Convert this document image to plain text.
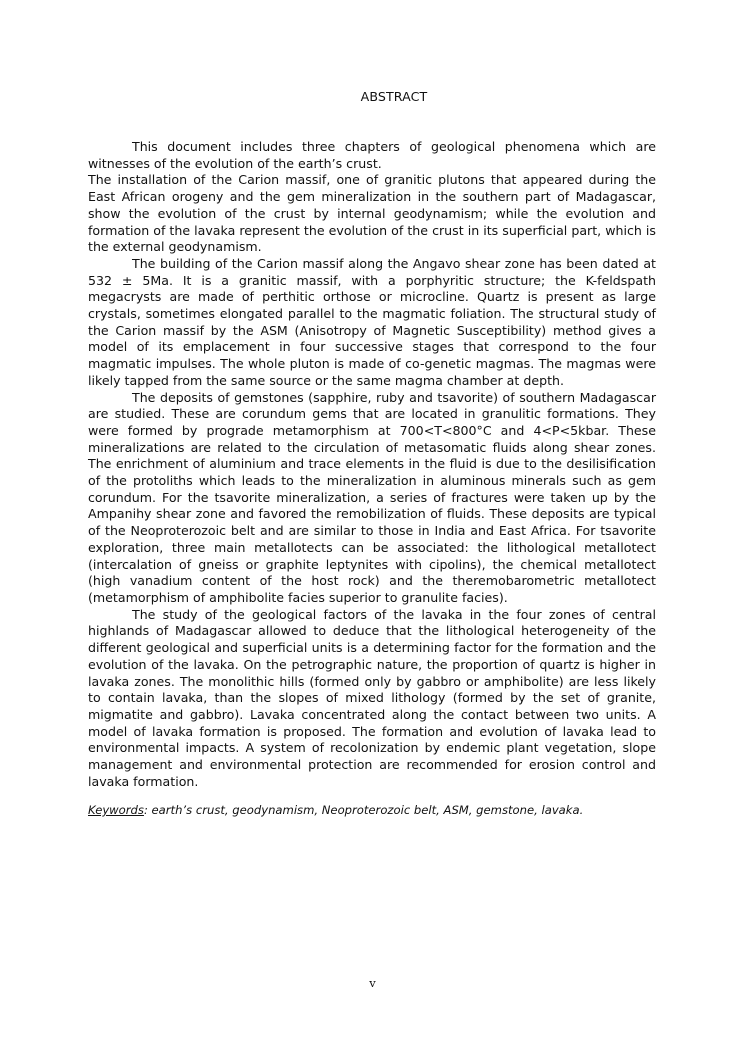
ABSTRACT

This document includes three chapters of geological phenomena which are witnesses of the evolution of the earth’s crust.

The installation of the Carion massif, one of granitic plutons that appeared during the East African orogeny and the gem mineralization in the southern part of Madagascar, show the evolution of the crust by internal geodynamism; while the evolution and formation of the lavaka represent the evolution of the crust in its superficial part, which is the external geodynamism.

The building of the Carion massif along the Angavo shear zone has been dated at 532 ± 5Ma. It is a granitic massif, with a porphyritic structure; the K-feldspath megacrysts are made of perthitic orthose or microcline. Quartz is present as large crystals, sometimes elongated parallel to the magmatic foliation. The structural study of the Carion massif by the ASM (Anisotropy of Magnetic Susceptibility) method gives a model of its emplacement in four successive stages that correspond to the four magmatic impulses. The whole pluton is made of co-genetic magmas. The magmas were likely tapped from the same source or the same magma chamber at depth.

The deposits of gemstones (sapphire, ruby and tsavorite) of southern Madagascar are studied. These are corundum gems that are located in granulitic formations. They were formed by prograde metamorphism at 700<T<800°C and 4<P<5kbar. These mineralizations are related to the circulation of metasomatic fluids along shear zones. The enrichment of aluminium and trace elements in the fluid is due to the desilisification of the protoliths which leads to the mineralization in aluminous minerals such as gem corundum. For the tsavorite mineralization, a series of fractures were taken up by the Ampanihy shear zone and favored the remobilization of fluids. These deposits are typical of the Neoproterozoic belt and are similar to those in India and East Africa. For tsavorite exploration, three main metallotects can be associated: the lithological metallotect (intercalation of gneiss or graphite leptynites with cipolins), the chemical metallotect (high vanadium content of the host rock) and the theremobarometric metallotect (metamorphism of amphibolite facies superior to granulite facies).

The study of the geological factors of the lavaka in the four zones of central highlands of Madagascar allowed to deduce that the lithological heterogeneity of the different geological and superficial units is a determining factor for the formation and the evolution of the lavaka. On the petrographic nature, the proportion of quartz is higher in lavaka zones. The monolithic hills (formed only by gabbro or amphibolite) are less likely to contain lavaka, than the slopes of mixed lithology (formed by the set of granite, migmatite and gabbro). Lavaka concentrated along the contact between two units. A model of lavaka formation is proposed. The formation and evolution of lavaka lead to environmental impacts. A system of recolonization by endemic plant vegetation, slope management and environmental protection are recommended for erosion control and lavaka formation.

Keywords: earth’s crust, geodynamism, Neoproterozoic belt, ASM, gemstone, lavaka.
v
